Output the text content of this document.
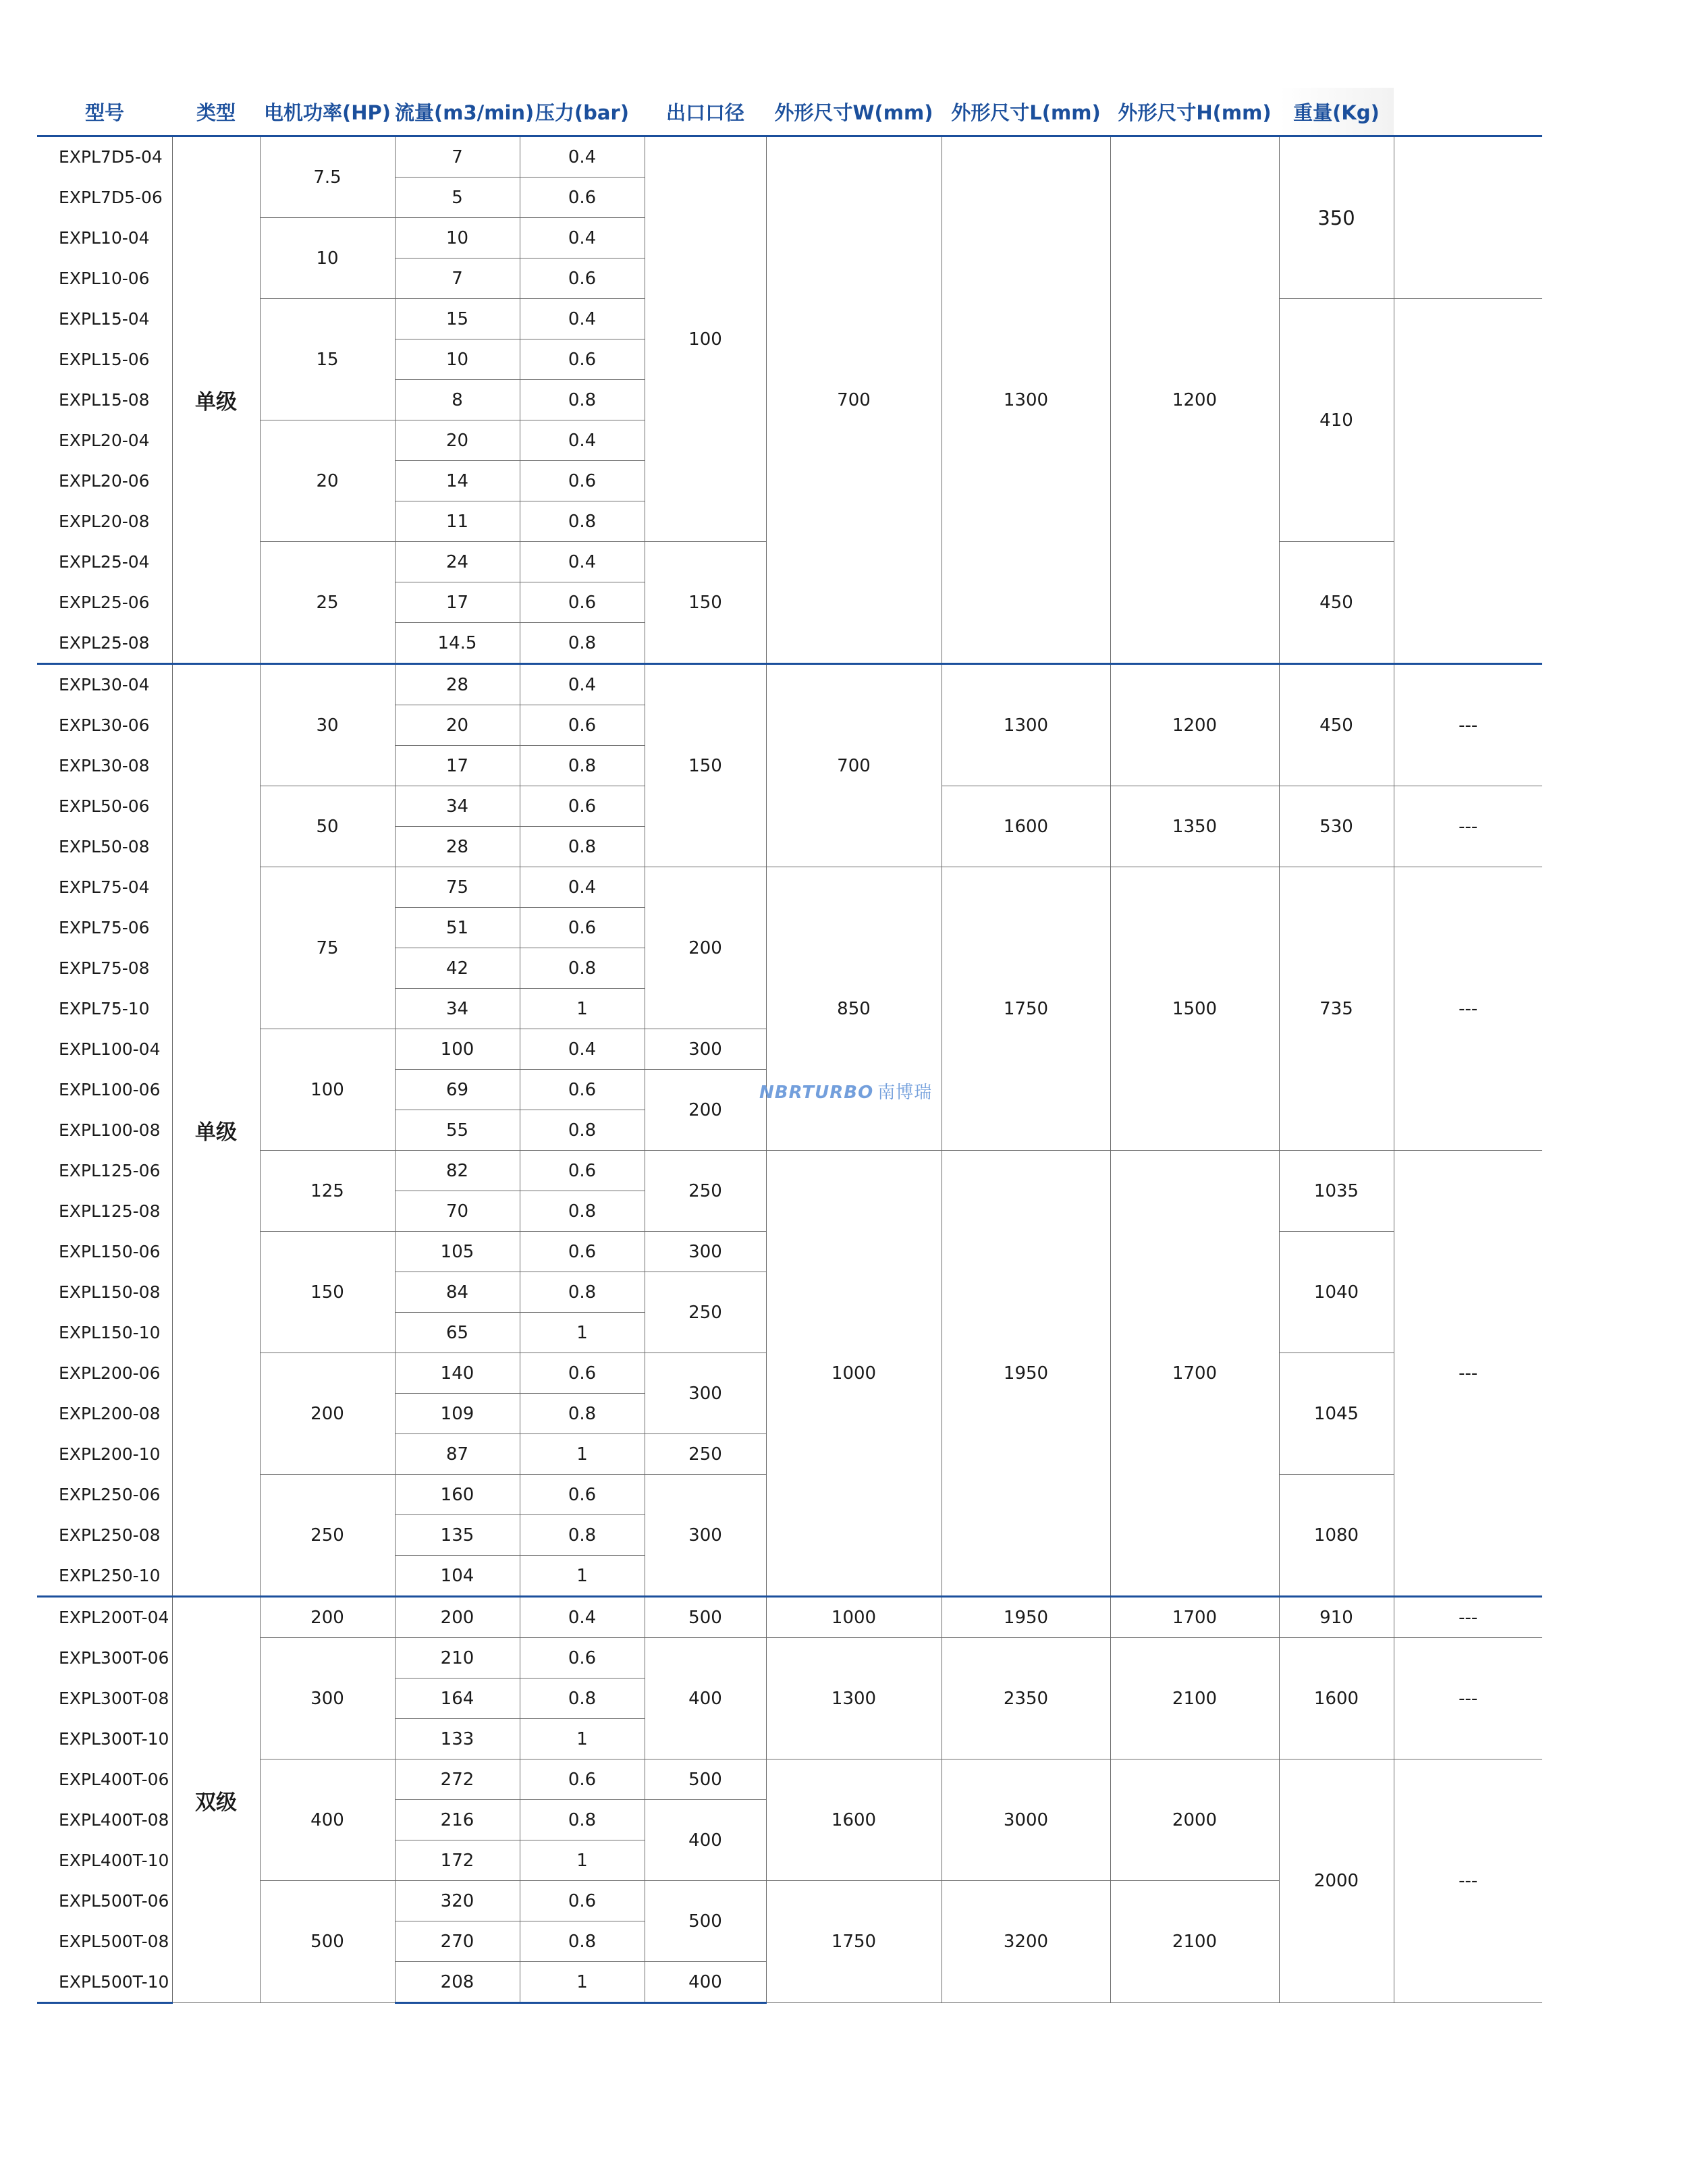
型号	类型	电机功率(HP)	流量(m3/min)	压力(bar)	出口口径	外形尺寸W(mm)	外形尺寸L(mm)	外形尺寸H(mm)	重量(Kg)	
EXPL7D5-04	单级	7.5	7	0.4	100	700	1300	1200	350	
EXPL7D5-06			5	0.6						
EXPL10-04		10	10	0.4						
EXPL10-06			7	0.6						
EXPL15-04		15	15	0.4					410	
EXPL15-06			10	0.6						
EXPL15-08			8	0.8						
EXPL20-04		20	20	0.4						
EXPL20-06			14	0.6						
EXPL20-08			11	0.8						
EXPL25-04		25	24	0.4	150				450	
EXPL25-06			17	0.6						
EXPL25-08			14.5	0.8						
EXPL30-04	单级	30	28	0.4	150	700	1300	1200	450	---
EXPL30-06			20	0.6						
EXPL30-08			17	0.8						
EXPL50-06		50	34	0.6			1600	1350	530	---
EXPL50-08			28	0.8						
EXPL75-04		75	75	0.4	200	850	1750	1500	735	---
EXPL75-06			51	0.6						
EXPL75-08			42	0.8						
EXPL75-10			34	1						
EXPL100-04		100	100	0.4	300					
EXPL100-06			69	0.6	200					
EXPL100-08			55	0.8						
EXPL125-06		125	82	0.6	250	1000	1950	1700	1035	---
EXPL125-08			70	0.8						
EXPL150-06		150	105	0.6	300				1040	
EXPL150-08			84	0.8	250					
EXPL150-10			65	1						
EXPL200-06		200	140	0.6	300				1045	
EXPL200-08			109	0.8						
EXPL200-10			87	1	250					
EXPL250-06		250	160	0.6	300				1080	
EXPL250-08			135	0.8						
EXPL250-10			104	1						
EXPL200T-04	双级	200	200	0.4	500	1000	1950	1700	910	---
EXPL300T-06		300	210	0.6	400	1300	2350	2100	1600	---
EXPL300T-08			164	0.8						
EXPL300T-10			133	1						
EXPL400T-06		400	272	0.6	500	1600	3000	2000	2000	---
EXPL400T-08			216	0.8	400					
EXPL400T-10			172	1						
EXPL500T-06		500	320	0.6	500	1750	3200	2100		
EXPL500T-08			270	0.8						
EXPL500T-10			208	1	400					
NBRTURBO 南博瑞
